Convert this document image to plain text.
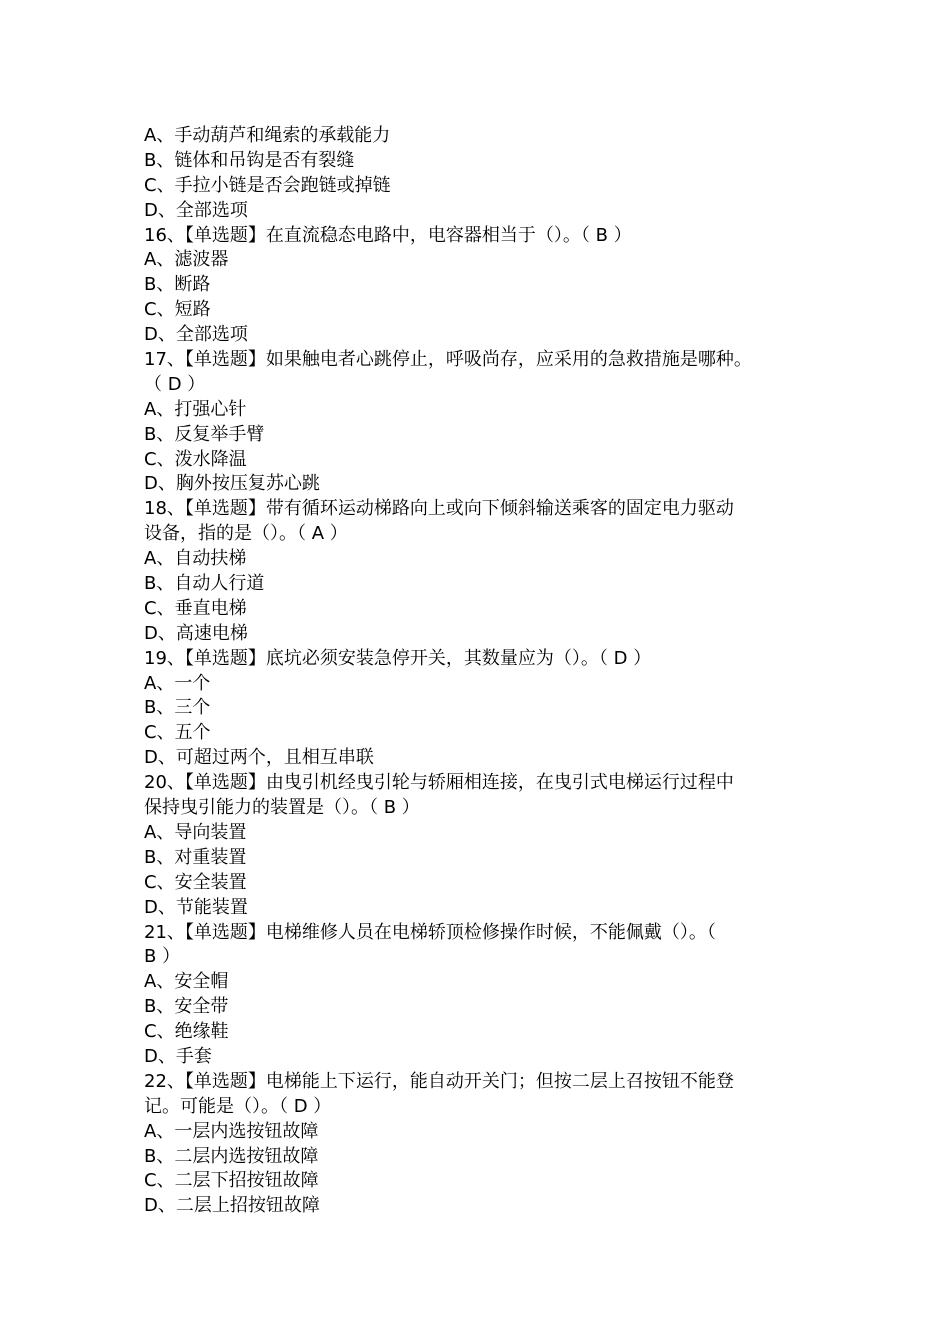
A、手动葫芦和绳索的承载能力
B、链体和吊钩是否有裂缝
C、手拉小链是否会跑链或掉链
D、全部选项
16、【单选题】在直流稳态电路中，电容器相当于（）。（ B ）
A、滤波器
B、断路
C、短路
D、全部选项
17、【单选题】如果触电者心跳停止，呼吸尚存，应采用的急救措施是哪种。
（ D ）
A、打强心针
B、反复举手臂
C、泼水降温
D、胸外按压复苏心跳
18、【单选题】带有循环运动梯路向上或向下倾斜输送乘客的固定电力驱动
设备，指的是（）。（ A ）
A、自动扶梯
B、自动人行道
C、垂直电梯
D、高速电梯
19、【单选题】底坑必须安装急停开关，其数量应为（）。（ D ）
A、一个
B、三个
C、五个
D、可超过两个，且相互串联
20、【单选题】由曳引机经曳引轮与轿厢相连接，在曳引式电梯运行过程中
保持曳引能力的装置是（）。（ B ）
A、导向装置
B、对重装置
C、安全装置
D、节能装置
21、【单选题】电梯维修人员在电梯轿顶检修操作时候，不能佩戴（）。（
B ）
A、安全帽
B、安全带
C、绝缘鞋
D、手套
22、【单选题】电梯能上下运行，能自动开关门；但按二层上召按钮不能登
记。可能是（）。（ D ）
A、一层内选按钮故障
B、二层内选按钮故障
C、二层下招按钮故障
D、二层上招按钮故障
